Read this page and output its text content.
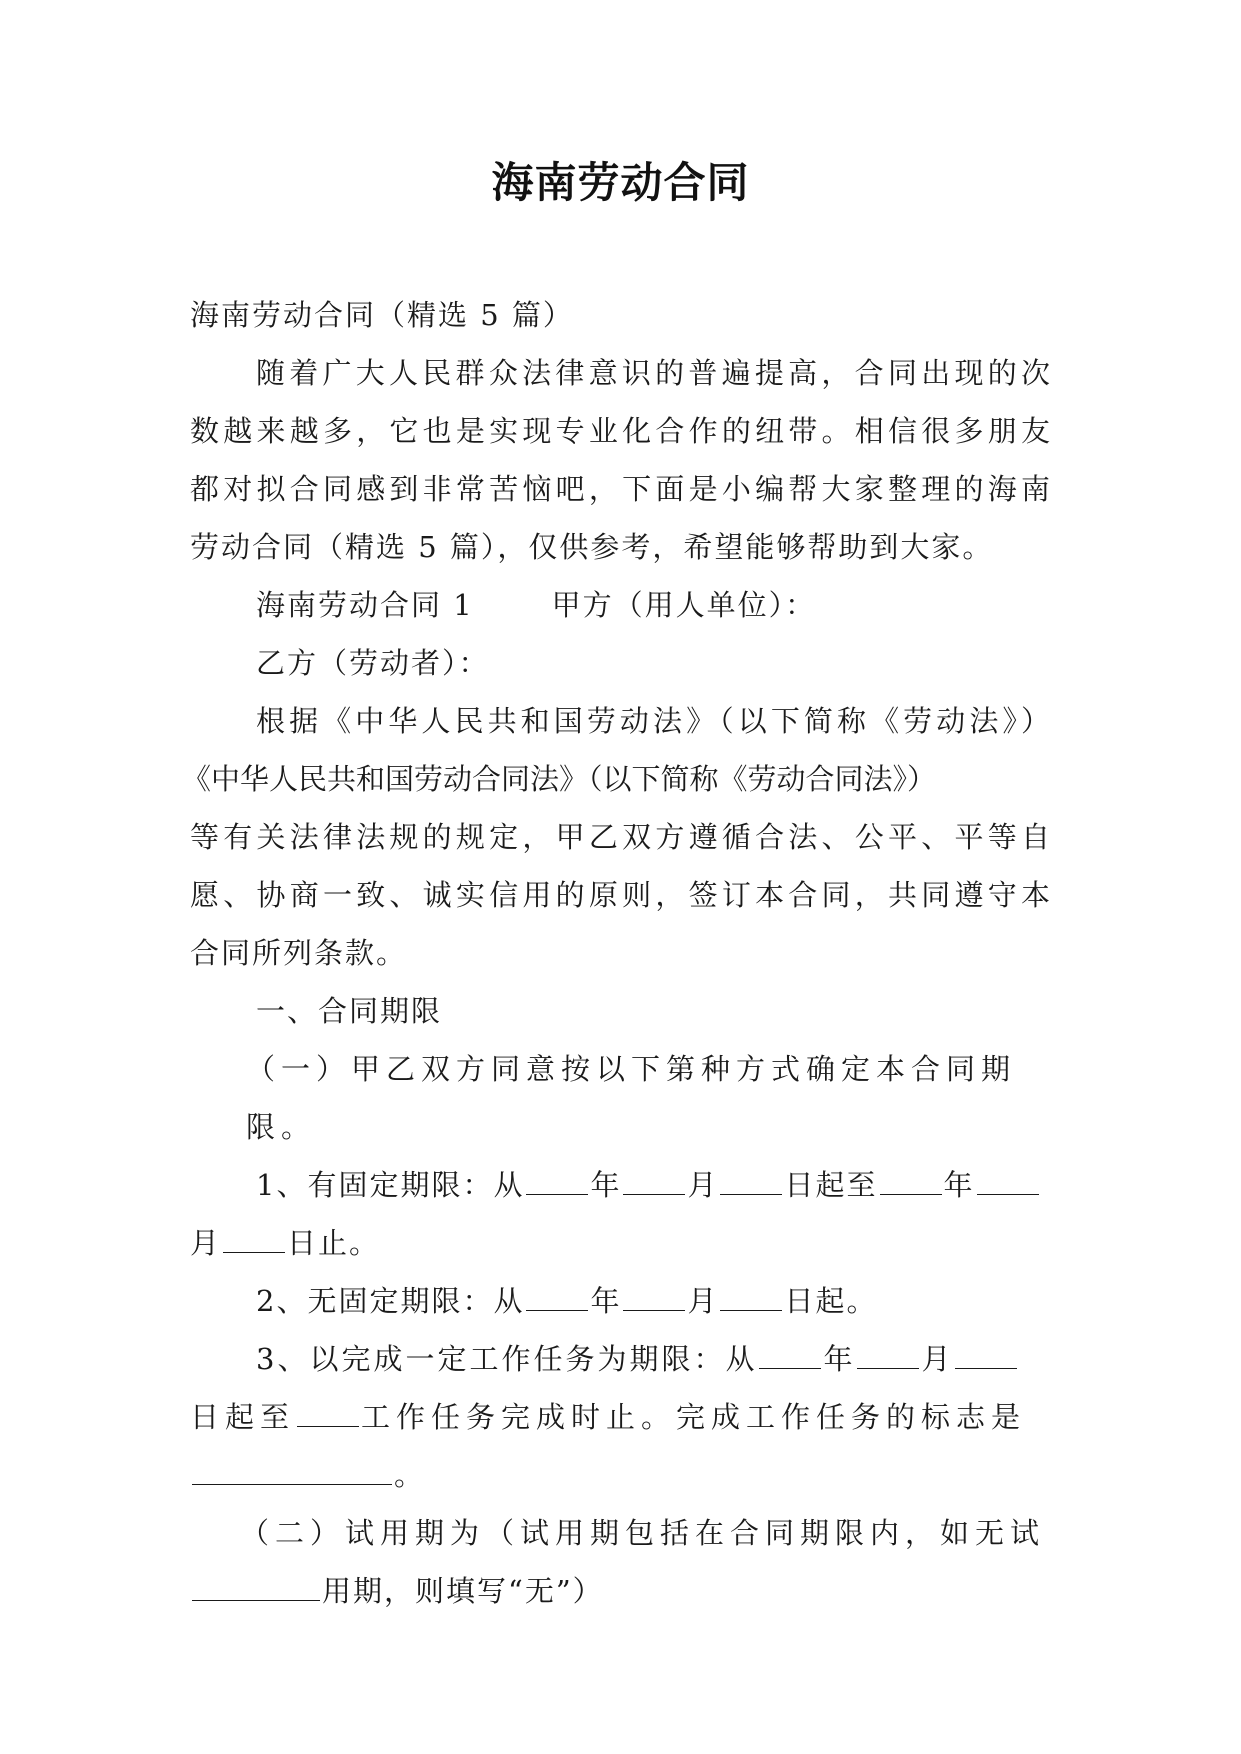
海南劳动合同

海南劳动合同（精选 5 篇）

随着广大人民群众法律意识的普遍提高，合同出现的次

数越来越多，它也是实现专业化合作的纽带。相信很多朋友
都对拟合同感到非常苦恼吧，下面是小编帮大家整理的海南
劳动合同（精选 5 篇），仅供参考，希望能够帮助到大家。

海南劳动合同 1	甲方（用人单位）：

乙方（劳动者）：

根据《中华人民共和国劳动法》（以下简称《劳动法》）

《中华人民共和国劳动合同法》（以下简称《劳动合同法》）
等有关法律法规的规定，甲乙双方遵循合法、公平、平等自
愿、协商一致、诚实信用的原则，签订本合同，共同遵守本
合同所列条款。

一、合同期限

（一）甲乙双方同意按以下第种方式确定本合同期限。

1、有固定期限：从 年 月 日起至 年

月 日止。

2、无固定期限：从 年 月 日起。

3、以完成一定工作任务为期限：从 年 月

日起至 工作任务完成时止。完成工作任务的标志是

。

（二）试用期为（试用期包括在合同期限内，如无试

用期，则填写“无”）
